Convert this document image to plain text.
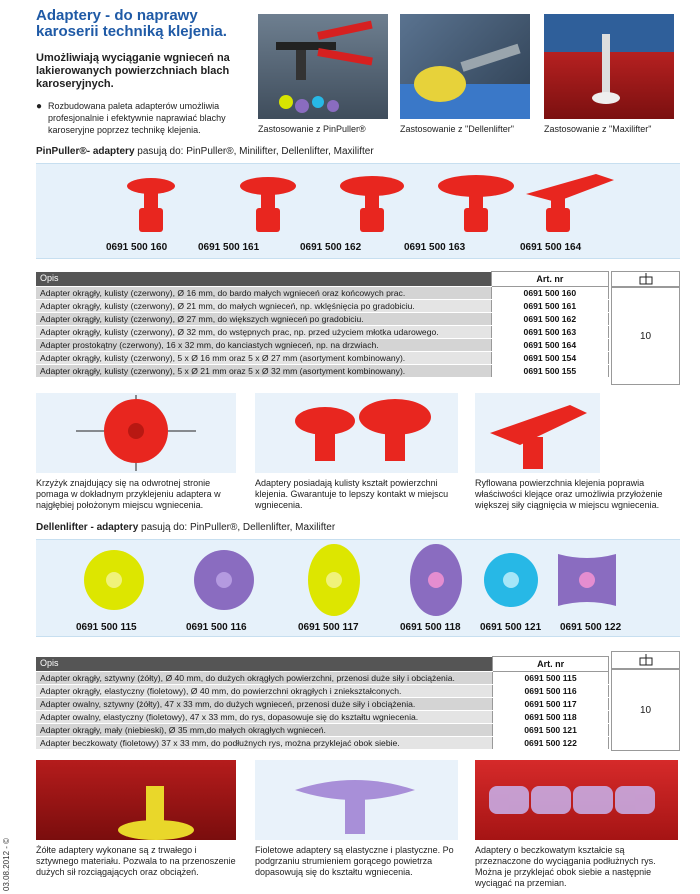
Adaptery - do naprawy karoserii techniką klejenia.
Umożliwiają wyciąganie wgnieceń na lakierowanych powierzchniach blach karoseryjnych.
● Rozbudowana paleta adapterów umożliwia profesjonalnie i efektywnie naprawiać blachy karoseryjne poprzez technikę klejenia.	Zastosowanie z PinPuller®	Zastosowanie z "Dellenlifter"	Zastosowanie z "Maxilifter"
PinPuller®- adaptery pasują do: PinPuller®, Minilifter, Dellenlifter, Maxilifter
0691 500 160	0691 500 161	0691 500 162	0691 500 163	0691 500 164
Opis	Art. nr
Adapter okrągły, kulisty (czerwony), Ø 16 mm, do bardo małych wgnieceń oraz końcowych prac.	0691 500 160
Adapter okrągły, kulisty (czerwony), Ø 21 mm, do małych wgnieceń, np. wklęśnięcia po gradobiciu.	0691 500 161
Adapter okrągły, kulisty (czerwony), Ø 27 mm, do większych wgnieceń po gradobiciu.	0691 500 162
Adapter okrągły, kulisty (czerwony), Ø 32 mm, do wstępnych prac, np. przed użyciem młotka udarowego.	0691 500 163
Adapter prostokątny (czerwony), 16 x 32 mm, do kanciastych wgnieceń, np. na drzwiach.	0691 500 164
Adapter okrągły, kulisty (czerwony), 5 x Ø 16 mm oraz 5 x Ø 27 mm (asortyment kombinowany).	0691 500 154
Adapter okrągły, kulisty (czerwony), 5 x Ø 21 mm oraz 5 x Ø 32 mm (asortyment kombinowany).	0691 500 155
10
Krzyżyk znajdujący się na odwrotnej stronie pomaga w dokładnym przyklejeniu adaptera w najgłębiej położonym miejscu wgniecenia.
Adaptery posiadają kulisty kształt powierzchni klejenia. Gwarantuje to lepszy kontakt w miejscu wgniecenia.
Ryflowana powierzchnia klejenia poprawia właściwości klejące oraz umożliwia przyłożenie większej siły ciągnięcia w miejscu wgniecenia.
Dellenlifter - adaptery pasują do: PinPuller®, Dellenlifter, Maxilifter
0691 500 115	0691 500 116	0691 500 117	0691 500 118 0691 500 121 0691 500 122
Opis	Art. nr
Adapter okrągły, sztywny (żółty), Ø 40 mm, do dużych okrągłych powierzchni, przenosi duże siły i obciążenia.	0691 500 115
Adapter okrągły, elastyczny (fioletowy), Ø 40 mm, do powierzchni okrągłych i zniekształconych.	0691 500 116
Adapter owalny, sztywny (żółty), 47 x 33 mm, do dużych wgnieceń, przenosi duże siły i obciążenia.	0691 500 117
Adapter owalny, elastyczny (fioletowy), 47 x 33 mm, do rys, dopasowuje się do kształtu wgniecenia.	0691 500 118
Adapter okrągły, mały (niebieski), Ø 35 mm,do małych okrągłych wgnieceń.	0691 500 121
Adapter beczkowaty (fioletowy) 37 x 33 mm, do podłużnych rys, można przyklejać obok siebie.	0691 500 122
10
Żółte adaptery wykonane są z trwałego i sztywnego materiału. Pozwala to na przenoszenie dużych sił rozciągających oraz obciążeń.
Fioletowe adaptery są elastyczne i plastyczne. Po podgrzaniu strumieniem gorącego powietrza dopasowują się do kształtu wgniecenia.
Adaptery o beczkowatym kształcie są przeznaczone do wyciągania podłużnych rys. Można je przyklejać obok siebie a następnie wyciągać na przemian.
03.08.2012 - ©
